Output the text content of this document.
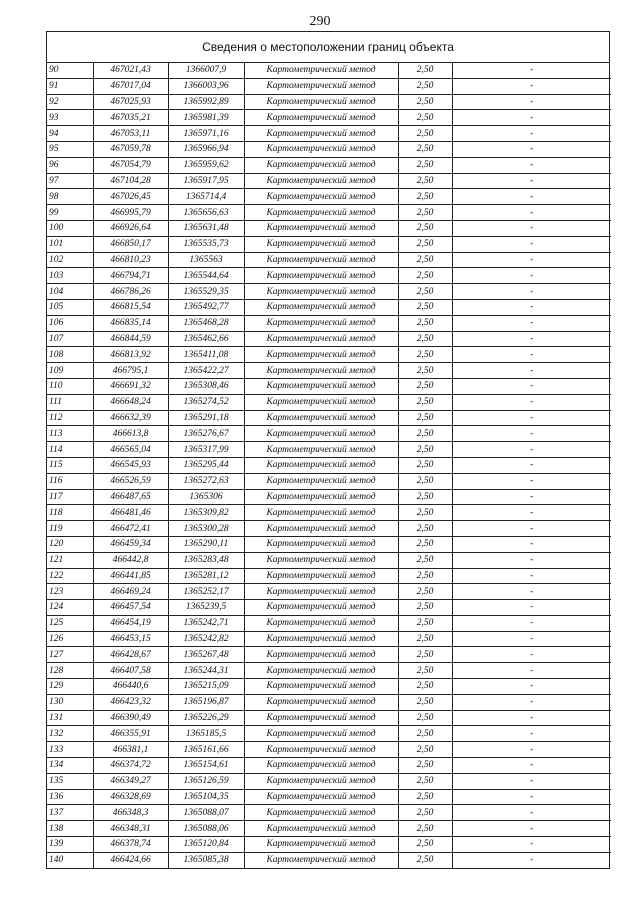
290
Сведения о местоположении границ объекта
90	467021,43	1366007,9	Картометрический метод	2,50	-
91	467017,04	1366003,96	Картометрический метод	2,50	-
92	467025,93	1365992,89	Картометрический метод	2,50	-
93	467035,21	1365981,39	Картометрический метод	2,50	-
94	467053,11	1365971,16	Картометрический метод	2,50	-
95	467059,78	1365966,94	Картометрический метод	2,50	-
96	467054,79	1365959,62	Картометрический метод	2,50	-
97	467104,28	1365917,95	Картометрический метод	2,50	-
98	467026,45	1365714,4	Картометрический метод	2,50	-
99	466995,79	1365656,63	Картометрический метод	2,50	-
100	466926,64	1365631,48	Картометрический метод	2,50	-
101	466850,17	1365535,73	Картометрический метод	2,50	-
102	466810,23	1365563	Картометрический метод	2,50	-
103	466794,71	1365544,64	Картометрический метод	2,50	-
104	466786,26	1365529,35	Картометрический метод	2,50	-
105	466815,54	1365492,77	Картометрический метод	2,50	-
106	466835,14	1365468,28	Картометрический метод	2,50	-
107	466844,59	1365462,66	Картометрический метод	2,50	-
108	466813,92	1365411,08	Картометрический метод	2,50	-
109	466795,1	1365422,27	Картометрический метод	2,50	-
110	466691,32	1365308,46	Картометрический метод	2,50	-
111	466648,24	1365274,52	Картометрический метод	2,50	-
112	466632,39	1365291,18	Картометрический метод	2,50	-
113	466613,8	1365276,67	Картометрический метод	2,50	-
114	466565,04	1365317,99	Картометрический метод	2,50	-
115	466545,93	1365295,44	Картометрический метод	2,50	-
116	466526,59	1365272,63	Картометрический метод	2,50	-
117	466487,65	1365306	Картометрический метод	2,50	-
118	466481,46	1365309,82	Картометрический метод	2,50	-
119	466472,41	1365300,28	Картометрический метод	2,50	-
120	466459,34	1365290,11	Картометрический метод	2,50	-
121	466442,8	1365283,48	Картометрический метод	2,50	-
122	466441,85	1365281,12	Картометрический метод	2,50	-
123	466469,24	1365252,17	Картометрический метод	2,50	-
124	466457,54	1365239,5	Картометрический метод	2,50	-
125	466454,19	1365242,71	Картометрический метод	2,50	-
126	466453,15	1365242,82	Картометрический метод	2,50	-
127	466428,67	1365267,48	Картометрический метод	2,50	-
128	466407,58	1365244,31	Картометрический метод	2,50	-
129	466440,6	1365215,09	Картометрический метод	2,50	-
130	466423,32	1365196,87	Картометрический метод	2,50	-
131	466390,49	1365226,29	Картометрический метод	2,50	-
132	466355,91	1365185,5	Картометрический метод	2,50	-
133	466381,1	1365161,66	Картометрический метод	2,50	-
134	466374,72	1365154,61	Картометрический метод	2,50	-
135	466349,27	1365126,59	Картометрический метод	2,50	-
136	466328,69	1365104,35	Картометрический метод	2,50	-
137	466348,3	1365088,07	Картометрический метод	2,50	-
138	466348,31	1365088,06	Картометрический метод	2,50	-
139	466378,74	1365120,84	Картометрический метод	2,50	-
140	466424,66	1365085,38	Картометрический метод	2,50	-
